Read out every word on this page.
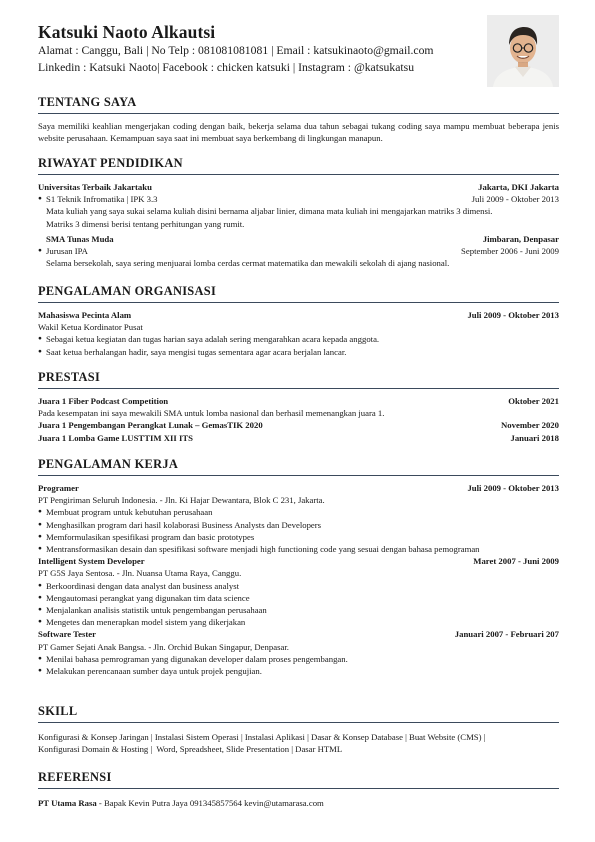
Katsuki Naoto Alkautsi
Alamat : Canggu, Bali | No Telp : 081081081081 | Email : katsukinaoto@gmail.com
Linkedin : Katsuki Naoto| Facebook : chicken katsuki | Instagram : @katsukatsu
TENTANG SAYA
Saya memiliki keahlian mengerjakan coding dengan baik, bekerja selama dua tahun sebagai tukang coding saya mampu membuat beberapa jenis website perusahaan. Kemampuan saya saat ini membuat saya berkembang di lingkungan manapun.
RIWAYAT PENDIDIKAN
Universitas Terbaik Jakartaku	Jakarta, DKI Jakarta
● S1 Teknik Infromatika | IPK 3.3	Juli 2009 - Oktober 2013
Mata kuliah yang saya sukai selama kuliah disini bernama aljabar linier, dimana mata kuliah ini mengajarkan matriks 3 dimensi.
Matriks 3 dimensi berisi tentang perhitungan yang rumit.
SMA Tunas Muda	Jimbaran, Denpasar
● Jurusan IPA	September 2006 - Juni 2009
Selama bersekolah, saya sering menjuarai lomba cerdas cermat matematika dan mewakili sekolah di ajang nasional.
PENGALAMAN ORGANISASI
Mahasiswa Pecinta Alam	Juli 2009 - Oktober 2013
Wakil Ketua Kordinator Pusat
● Sebagai ketua kegiatan dan tugas harian saya adalah sering mengarahkan acara kepada anggota.
● Saat ketua berhalangan hadir, saya mengisi tugas sementara agar acara berjalan lancar.
PRESTASI
Juara 1 Fiber Podcast Competition	Oktober 2021
Pada kesempatan ini saya mewakili SMA untuk lomba nasional dan berhasil memenangkan juara 1.
Juara 1 Pengembangan Perangkat Lunak – GemasTIK 2020	November 2020
Juara 1 Lomba Game LUSTTIM XII ITS	Januari 2018
PENGALAMAN KERJA
Programer	Juli 2009 - Oktober 2013
PT Pengiriman Seluruh Indonesia. - Jln. Ki Hajar Dewantara, Blok C 231, Jakarta.
● Membuat program untuk kebutuhan perusahaan
● Menghasilkan program dari hasil kolaborasi Business Analysts dan Developers
● Memformulasikan spesifikasi program dan basic prototypes
● Mentransformasikan desain dan spesifikasi software menjadi high functioning code yang sesuai dengan bahasa pemograman
Intelligent System Developer	Maret 2007 - Juni 2009
PT G5S Jaya Sentosa. - Jln. Nuansa Utama Raya, Canggu.
● Berkoordinasi dengan data analyst dan business analyst
● Mengautomasi perangkat yang digunakan tim data science
● Menjalankan analisis statistik untuk pengembangan perusahaan
● Mengetes dan menerapkan model sistem yang dikerjakan
Software Tester	Januari 2007 - Februari 207
PT Gamer Sejati Anak Bangsa. - Jln. Orchid Bukan Singapur, Denpasar.
● Menilai bahasa pemrograman yang digunakan developer dalam proses pengembangan.
● Melakukan perencanaan sumber daya untuk projek pengujian.
SKILL
Konfigurasi & Konsep Jaringan | Instalasi Sistem Operasi | Instalasi Aplikasi | Dasar & Konsep Database | Buat Website (CMS) |
Konfigurasi Domain & Hosting |  Word, Spreadsheet, Slide Presentation | Dasar HTML
REFERENSI
PT Utama Rasa - Bapak Kevin Putra Jaya 091345857564 kevin@utamarasa.com
